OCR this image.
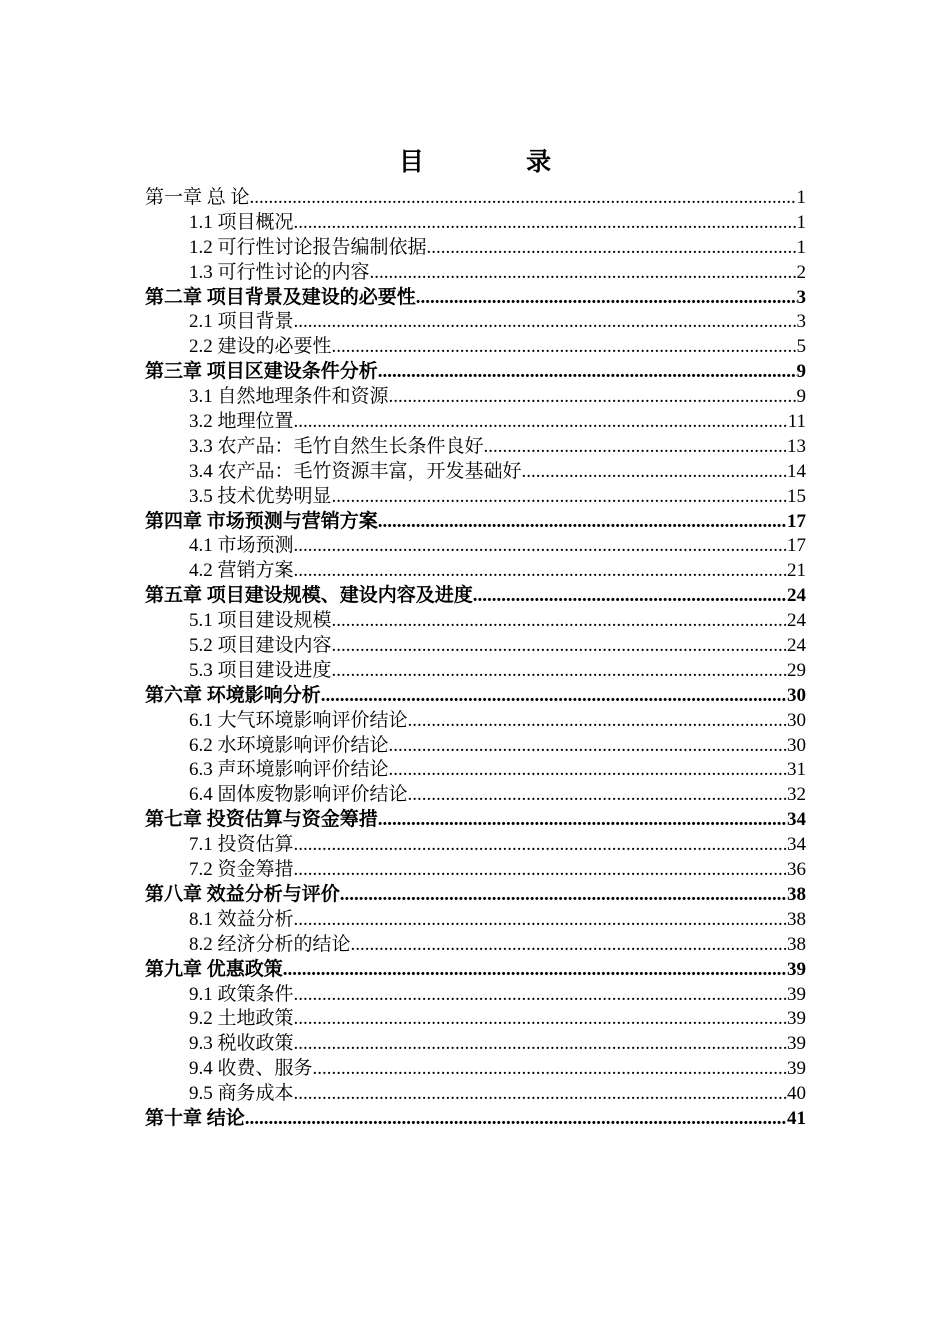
目 录
第一章 总 论 .....	1
1.1 项目概况 .....	1
1.2 可行性讨论报告编制依据 .....	1
1.3 可行性讨论的内容 .....	2
第二章 项目背景及建设的必要性 .....	3
2.1 项目背景 .....	3
2.2 建设的必要性 .....	5
第三章 项目区建设条件分析 .....	9
3.1 自然地理条件和资源 .....	9
3.2 地理位置 .....	11
3.3 农产品：毛竹自然生长条件良好 .....	13
3.4 农产品：毛竹资源丰富，开发基础好 .....	14
3.5 技术优势明显 .....	15
第四章 市场预测与营销方案 .....	17
4.1 市场预测 .....	17
4.2 营销方案 .....	21
第五章 项目建设规模、建设内容及进度 .....	24
5.1 项目建设规模 .....	24
5.2 项目建设内容 .....	24
5.3 项目建设进度 .....	29
第六章 环境影响分析 .....	30
6.1 大气环境影响评价结论 .....	30
6.2 水环境影响评价结论 .....	30
6.3 声环境影响评价结论 .....	31
6.4 固体废物影响评价结论 .....	32
第七章 投资估算与资金筹措 .....	34
7.1 投资估算 .....	34
7.2 资金筹措 .....	36
第八章 效益分析与评价 .....	38
8.1 效益分析 .....	38
8.2 经济分析的结论 .....	38
第九章 优惠政策 .....	39
9.1 政策条件 .....	39
9.2 土地政策 .....	39
9.3 税收政策 .....	39
9.4 收费、服务 .....	39
9.5 商务成本 .....	40
第十章 结论 .....	41
